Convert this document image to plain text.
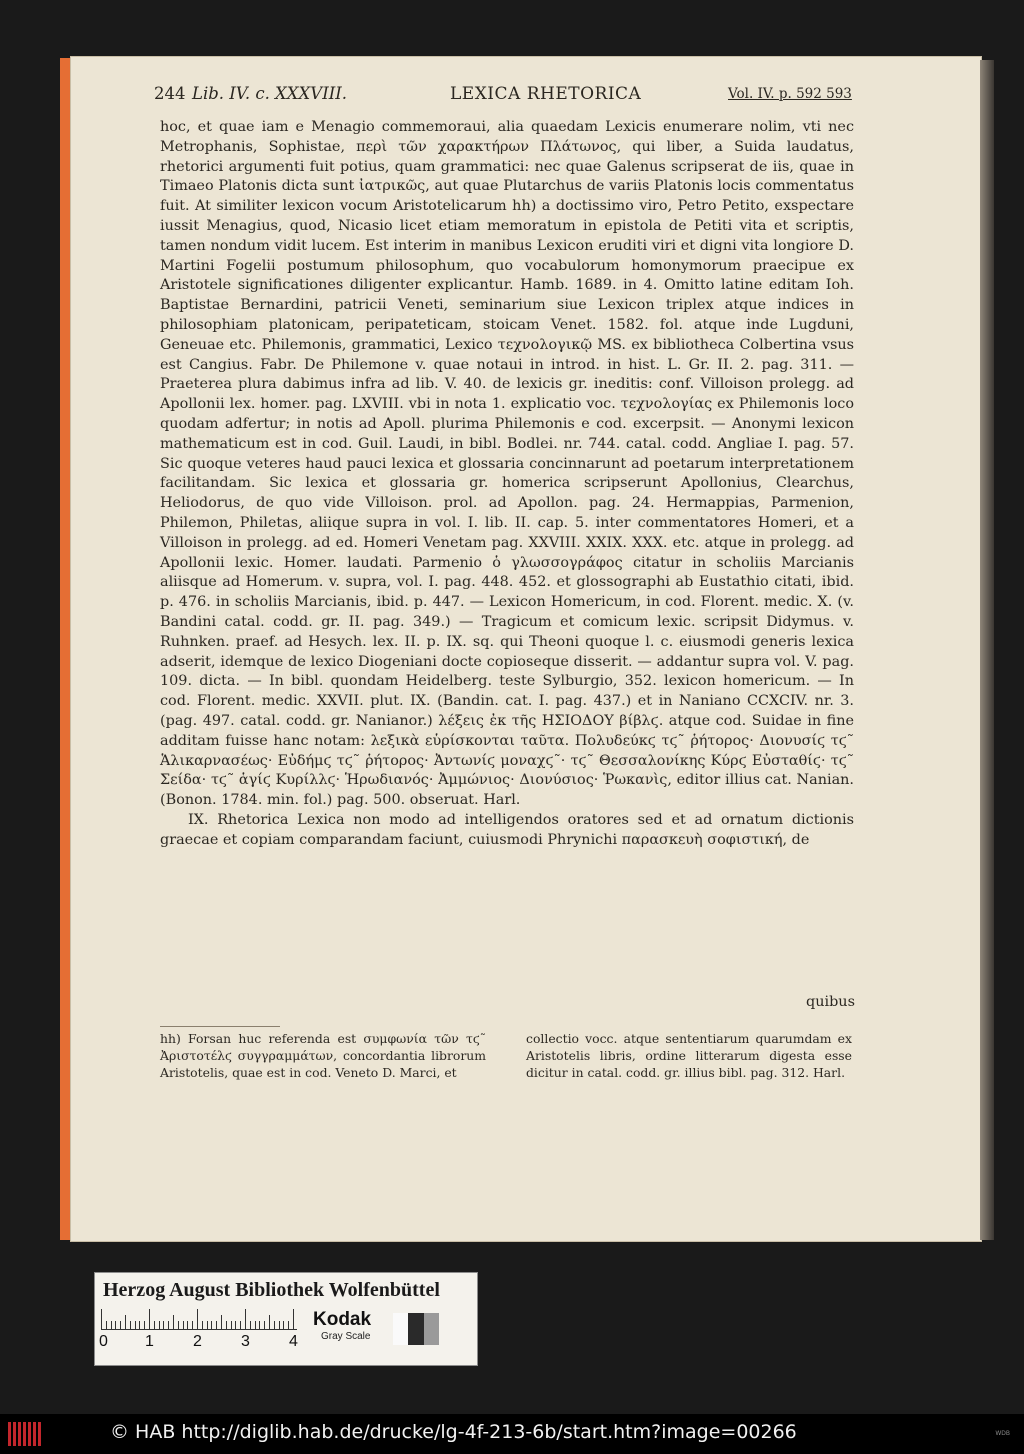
244 Lib. IV. c. XXXVIII.	LEXICA RHETORICA	Vol. IV. p. 592 593

hoc, et quae iam e Menagio commemoraui, alia quaedam Lexicis enumerare nolim, vti nec Metrophanis, Sophistae, περὶ τῶν χαρακτήρων Πλάτωνος, qui liber, a Suida laudatus, rhetorici argumenti fuit potius, quam grammatici: nec quae Galenus scripserat de iis, quae in Timaeo Platonis dicta sunt ἰατρικῶς, aut quae Plutarchus de variis Platonis locis commentatus fuit. At similiter lexicon vocum Aristotelicarum hh) a doctissimo viro, Petro Petito, exspectare iussit Menagius, quod, Nicasio licet etiam memoratum in epistola de Petiti vita et scriptis, tamen nondum vidit lucem. Est interim in manibus Lexicon eruditi viri et digni vita longiore D. Martini Fogelii postumum philosophum, quo vocabulorum homonymorum praecipue ex Aristotele significationes diligenter explicantur. Hamb. 1689. in 4. Omitto latine editam Ioh. Baptistae Bernardini, patricii Veneti, seminarium siue Lexicon triplex atque indices in philosophiam platonicam, peripateticam, stoicam Venet. 1582. fol. atque inde Lugduni, Geneuae etc. Philemonis, grammatici, Lexico τεχνολογικῷ MS. ex bibliotheca Colbertina vsus est Cangius. Fabr. De Philemone v. quae notaui in introd. in hist. L. Gr. II. 2. pag. 311. — Praeterea plura dabimus infra ad lib. V. 40. de lexicis gr. ineditis: conf. Villoison prolegg. ad Apollonii lex. homer. pag. LXVIII. vbi in nota 1. explicatio voc. τεχνολογίας ex Philemonis loco quodam adfertur; in notis ad Apoll. plurima Philemonis e cod. excerpsit. — Anonymi lexicon mathematicum est in cod. Guil. Laudi, in bibl. Bodlei. nr. 744. catal. codd. Angliae I. pag. 57. Sic quoque veteres haud pauci lexica et glossaria concinnarunt ad poetarum interpretationem facilitandam. Sic lexica et glossaria gr. homerica scripserunt Apollonius, Clearchus, Heliodorus, de quo vide Villoison. prol. ad Apollon. pag. 24. Hermappias, Parmenion, Philemon, Philetas, aliique supra in vol. I. lib. II. cap. 5. inter commentatores Homeri, et a Villoison in prolegg. ad ed. Homeri Venetam pag. XXVIII. XXIX. XXX. etc. atque in prolegg. ad Apollonii lexic. Homer. laudati. Parmenio ὁ γλωσσογράφος citatur in scholiis Marcianis aliisque ad Homerum. v. supra, vol. I. pag. 448. 452. et glossographi ab Eustathio citati, ibid. p. 476. in scholiis Marcianis, ibid. p. 447. — Lexicon Homericum, in cod. Florent. medic. X. (v. Bandini catal. codd. gr. II. pag. 349.) — Tragicum et comicum lexic. scripsit Didymus. v. Ruhnken. praef. ad Hesych. lex. II. p. IX. sq. qui Theoni quoque l. c. eiusmodi generis lexica adserit, idemque de lexico Diogeniani docte copioseque disserit. — addantur supra vol. V. pag. 109. dicta. — In bibl. quondam Heidelberg. teste Sylburgio, 352. lexicon homericum. — In cod. Florent. medic. XXVII. plut. IX. (Bandin. cat. I. pag. 437.) et in Naniano CCXCIV. nr. 3. (pag. 497. catal. codd. gr. Nanianor.) λέξεις ἐκ τῆς ΗΣΙΟΔΟΥ βίβλϛ. atque cod. Suidae in fine additam fuisse hanc notam: λεξικὰ εὑρίσκονται ταῦτα. Πολυδεύκϛ τϛ῀ ῥήτορος· Διονυσίϛ τϛ῀ Ἁλικαρνασέως· Εὐδήμϛ τϛ῀ ῥήτορος· Ἀντωνίϛ μοναχϛ῀· τϛ῀ Θεσσαλονίκης Κύρϛ Εὐσταθίϛ· τϛ῀ Σείδα· τϛ῀ ἁγίϛ Κυρίλλϛ· Ἡρωδιανός· Ἀμμώνιος· Διονύσιος· Ῥωκανὶς, editor illius cat. Nanian. (Bonon. 1784. min. fol.) pag. 500. obseruat. Harl.

IX. Rhetorica Lexica non modo ad intelligendos oratores sed et ad ornatum dictionis graecae et copiam comparandam faciunt, cuiusmodi Phrynichi παρασκευὴ σοφιστική, de

quibus
hh) Forsan huc referenda est συμφωνία τῶν τϛ῀ Ἀριστοτέλϛ συγγραμμάτων, concordantia librorum Aristotelis, quae est in cod. Veneto D. Marci, et
collectio vocc. atque sententiarum quarumdam ex Aristotelis libris, ordine litterarum digesta esse dicitur in catal. codd. gr. illius bibl. pag. 312. Harl.
Herzog August Bibliothek Wolfenbüttel
0 1 2 3 4
Kodak
Gray Scale
© HAB http://diglib.hab.de/drucke/lg-4f-213-6b/start.htm?image=00266	WDB
